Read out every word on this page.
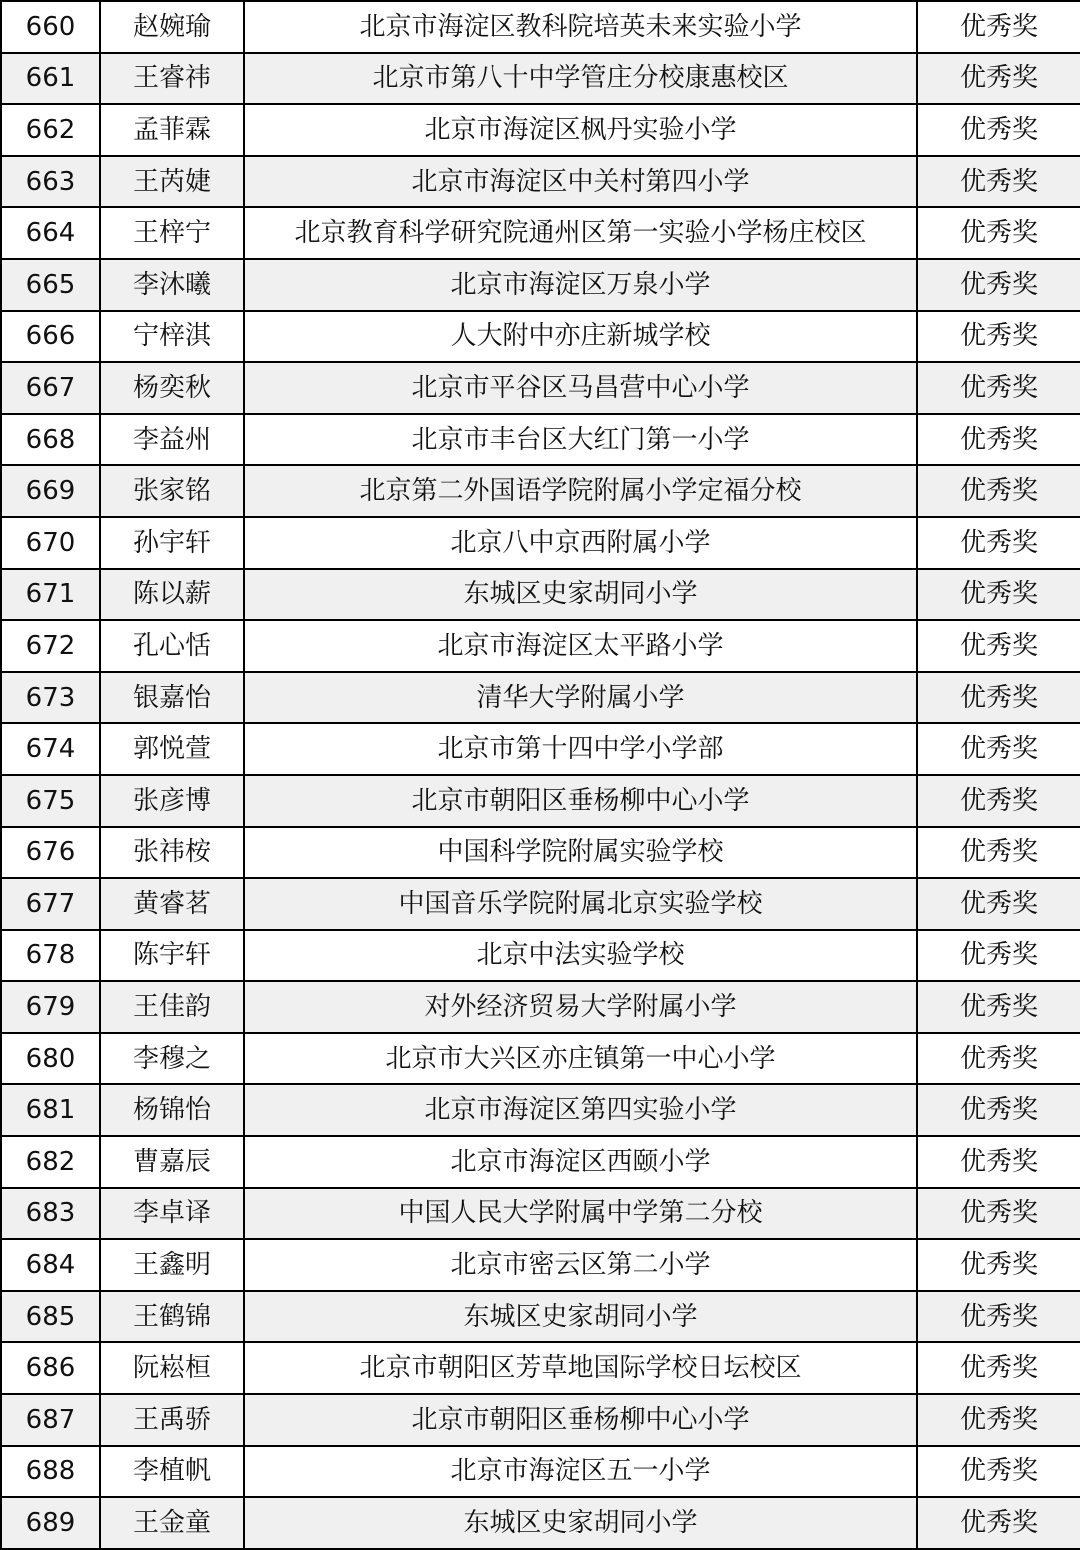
660	赵婉瑜	北京市海淀区教科院培英未来实验小学	优秀奖
661	王睿祎	北京市第八十中学管庄分校康惠校区	优秀奖
662	孟菲霖	北京市海淀区枫丹实验小学	优秀奖
663	王芮婕	北京市海淀区中关村第四小学	优秀奖
664	王梓宁	北京教育科学研究院通州区第一实验小学杨庄校区	优秀奖
665	李沐曦	北京市海淀区万泉小学	优秀奖
666	宁梓淇	人大附中亦庄新城学校	优秀奖
667	杨奕秋	北京市平谷区马昌营中心小学	优秀奖
668	李益州	北京市丰台区大红门第一小学	优秀奖
669	张家铭	北京第二外国语学院附属小学定福分校	优秀奖
670	孙宇轩	北京八中京西附属小学	优秀奖
671	陈以薪	东城区史家胡同小学	优秀奖
672	孔心恬	北京市海淀区太平路小学	优秀奖
673	银嘉怡	清华大学附属小学	优秀奖
674	郭悦萱	北京市第十四中学小学部	优秀奖
675	张彦博	北京市朝阳区垂杨柳中心小学	优秀奖
676	张祎桉	中国科学院附属实验学校	优秀奖
677	黄睿茗	中国音乐学院附属北京实验学校	优秀奖
678	陈宇轩	北京中法实验学校	优秀奖
679	王佳韵	对外经济贸易大学附属小学	优秀奖
680	李穆之	北京市大兴区亦庄镇第一中心小学	优秀奖
681	杨锦怡	北京市海淀区第四实验小学	优秀奖
682	曹嘉辰	北京市海淀区西颐小学	优秀奖
683	李卓译	中国人民大学附属中学第二分校	优秀奖
684	王鑫明	北京市密云区第二小学	优秀奖
685	王鹤锦	东城区史家胡同小学	优秀奖
686	阮崧桓	北京市朝阳区芳草地国际学校日坛校区	优秀奖
687	王禹骄	北京市朝阳区垂杨柳中心小学	优秀奖
688	李植帆	北京市海淀区五一小学	优秀奖
689	王金童	东城区史家胡同小学	优秀奖
